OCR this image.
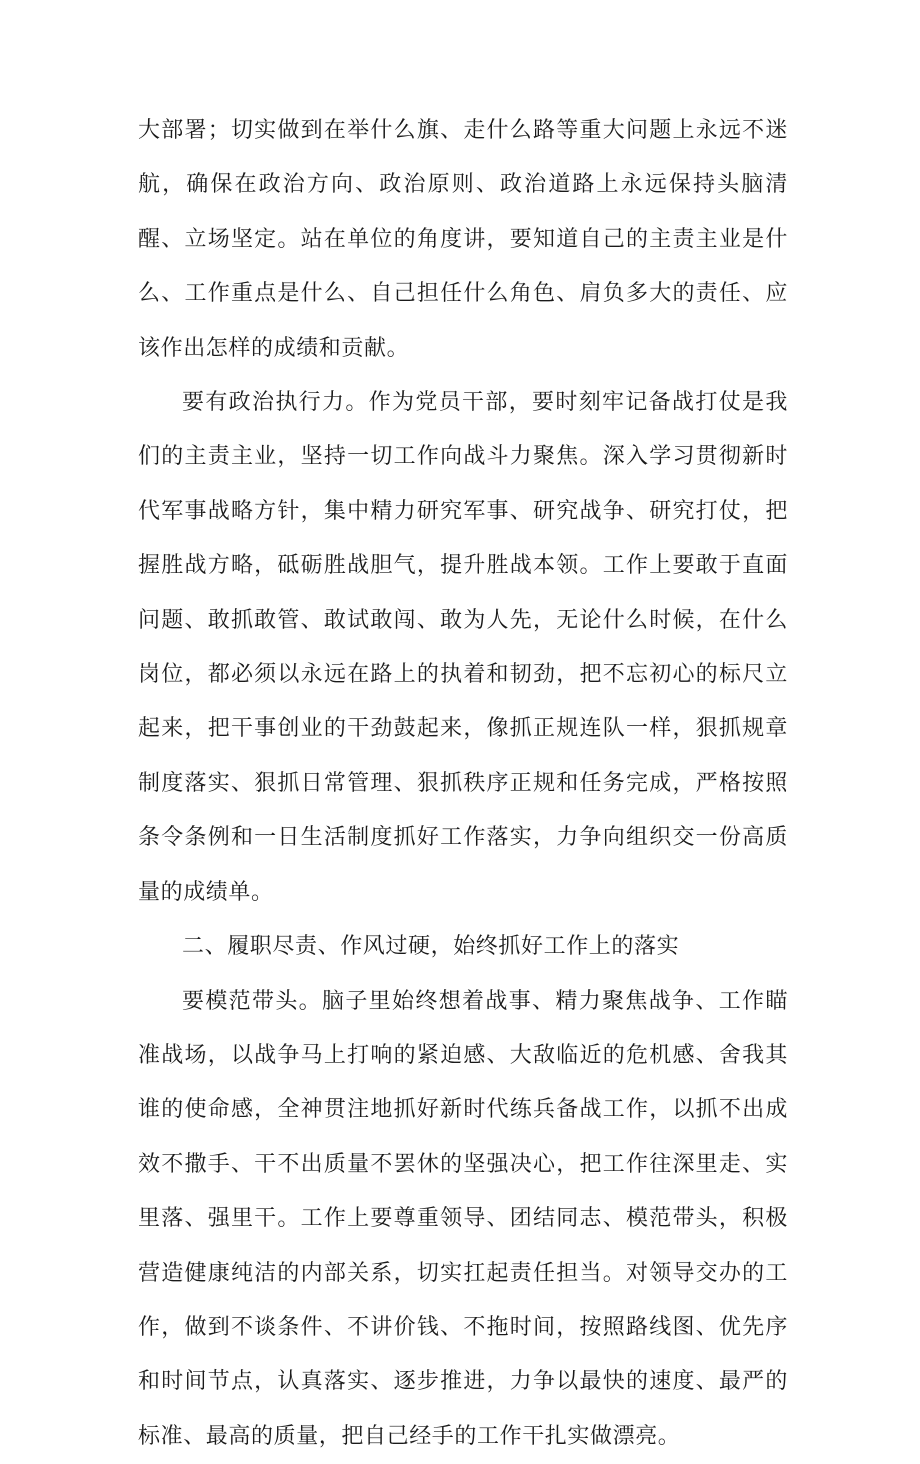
大部署；切实做到在举什么旗、走什么路等重大问题上永远不迷航，确保在政治方向、政治原则、政治道路上永远保持头脑清醒、立场坚定。站在单位的角度讲，要知道自己的主责主业是什么、工作重点是什么、自己担任什么角色、肩负多大的责任、应该作出怎样的成绩和贡献。

要有政治执行力。作为党员干部，要时刻牢记备战打仗是我们的主责主业，坚持一切工作向战斗力聚焦。深入学习贯彻新时代军事战略方针，集中精力研究军事、研究战争、研究打仗，把握胜战方略，砥砺胜战胆气，提升胜战本领。工作上要敢于直面问题、敢抓敢管、敢试敢闯、敢为人先，无论什么时候，在什么岗位，都必须以永远在路上的执着和韧劲，把不忘初心的标尺立起来，把干事创业的干劲鼓起来，像抓正规连队一样，狠抓规章制度落实、狠抓日常管理、狠抓秩序正规和任务完成，严格按照条令条例和一日生活制度抓好工作落实，力争向组织交一份高质量的成绩单。

二、履职尽责、作风过硬，始终抓好工作上的落实

要模范带头。脑子里始终想着战事、精力聚焦战争、工作瞄准战场，以战争马上打响的紧迫感、大敌临近的危机感、舍我其谁的使命感，全神贯注地抓好新时代练兵备战工作，以抓不出成效不撒手、干不出质量不罢休的坚强决心，把工作往深里走、实里落、强里干。工作上要尊重领导、团结同志、模范带头，积极营造健康纯洁的内部关系，切实扛起责任担当。对领导交办的工作，做到不谈条件、不讲价钱、不拖时间，按照路线图、优先序和时间节点，认真落实、逐步推进，力争以最快的速度、最严的标准、最高的质量，把自己经手的工作干扎实做漂亮。
